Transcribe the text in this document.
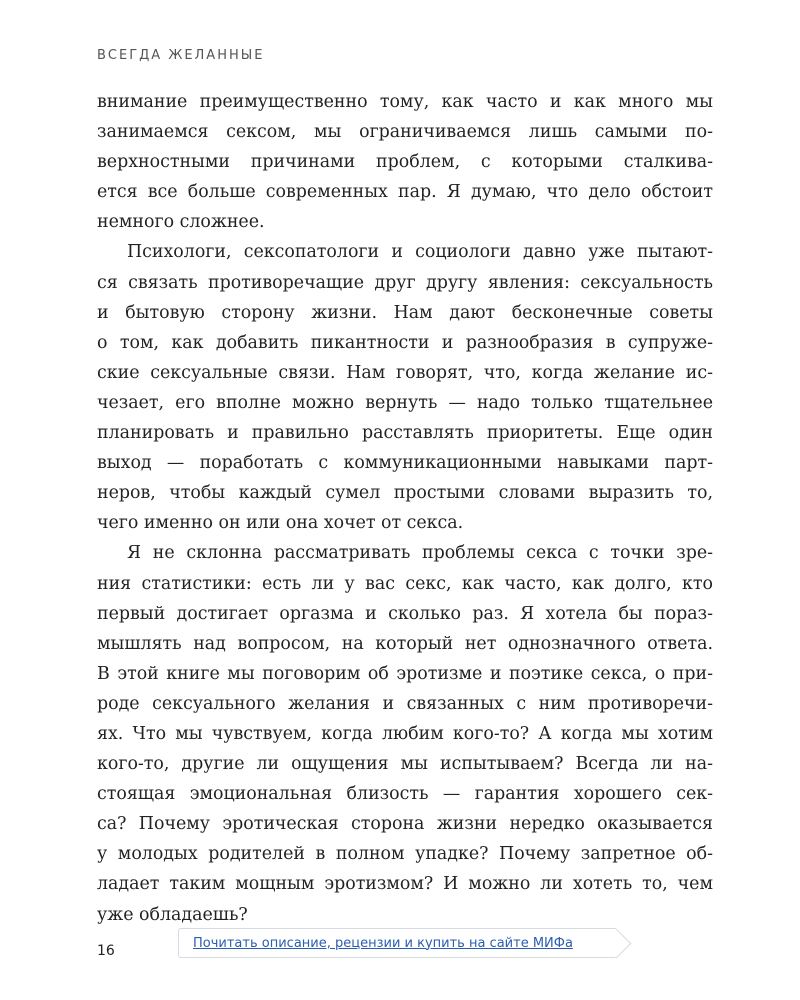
ВСЕГДА ЖЕЛАННЫЕ
внимание преимущественно тому, как часто и как много мы
занимаемся сексом, мы ограничиваемся лишь самыми по-
верхностными причинами проблем, с которыми сталкива-
ется все больше современных пар. Я думаю, что дело обстоит
немного сложнее.
Психологи, сексопатологи и социологи давно уже пытают-
ся связать противоречащие друг другу явления: сексуальность
и бытовую сторону жизни. Нам дают бесконечные советы
о том, как добавить пикантности и разнообразия в супруже-
ские сексуальные связи. Нам говорят, что, когда желание ис-
чезает, его вполне можно вернуть — надо только тщательнее
планировать и правильно расставлять приоритеты. Еще один
выход — поработать с коммуникационными навыками парт-
неров, чтобы каждый сумел простыми словами выразить то,
чего именно он или она хочет от секса.
Я не склонна рассматривать проблемы секса с точки зре-
ния статистики: есть ли у вас секс, как часто, как долго, кто
первый достигает оргазма и сколько раз. Я хотела бы пораз-
мышлять над вопросом, на который нет однозначного ответа.
В этой книге мы поговорим об эротизме и поэтике секса, о при-
роде сексуального желания и связанных с ним противоречи-
ях. Что мы чувствуем, когда любим кого-то? А когда мы хотим
кого-то, другие ли ощущения мы испытываем? Всегда ли на-
стоящая эмоциональная близость — гарантия хорошего сек-
са? Почему эротическая сторона жизни нередко оказывается
у молодых родителей в полном упадке? Почему запретное об-
ладает таким мощным эротизмом? И можно ли хотеть то, чем
уже обладаешь?
16	Почитать описание, рецензии и купить на сайте МИФа
